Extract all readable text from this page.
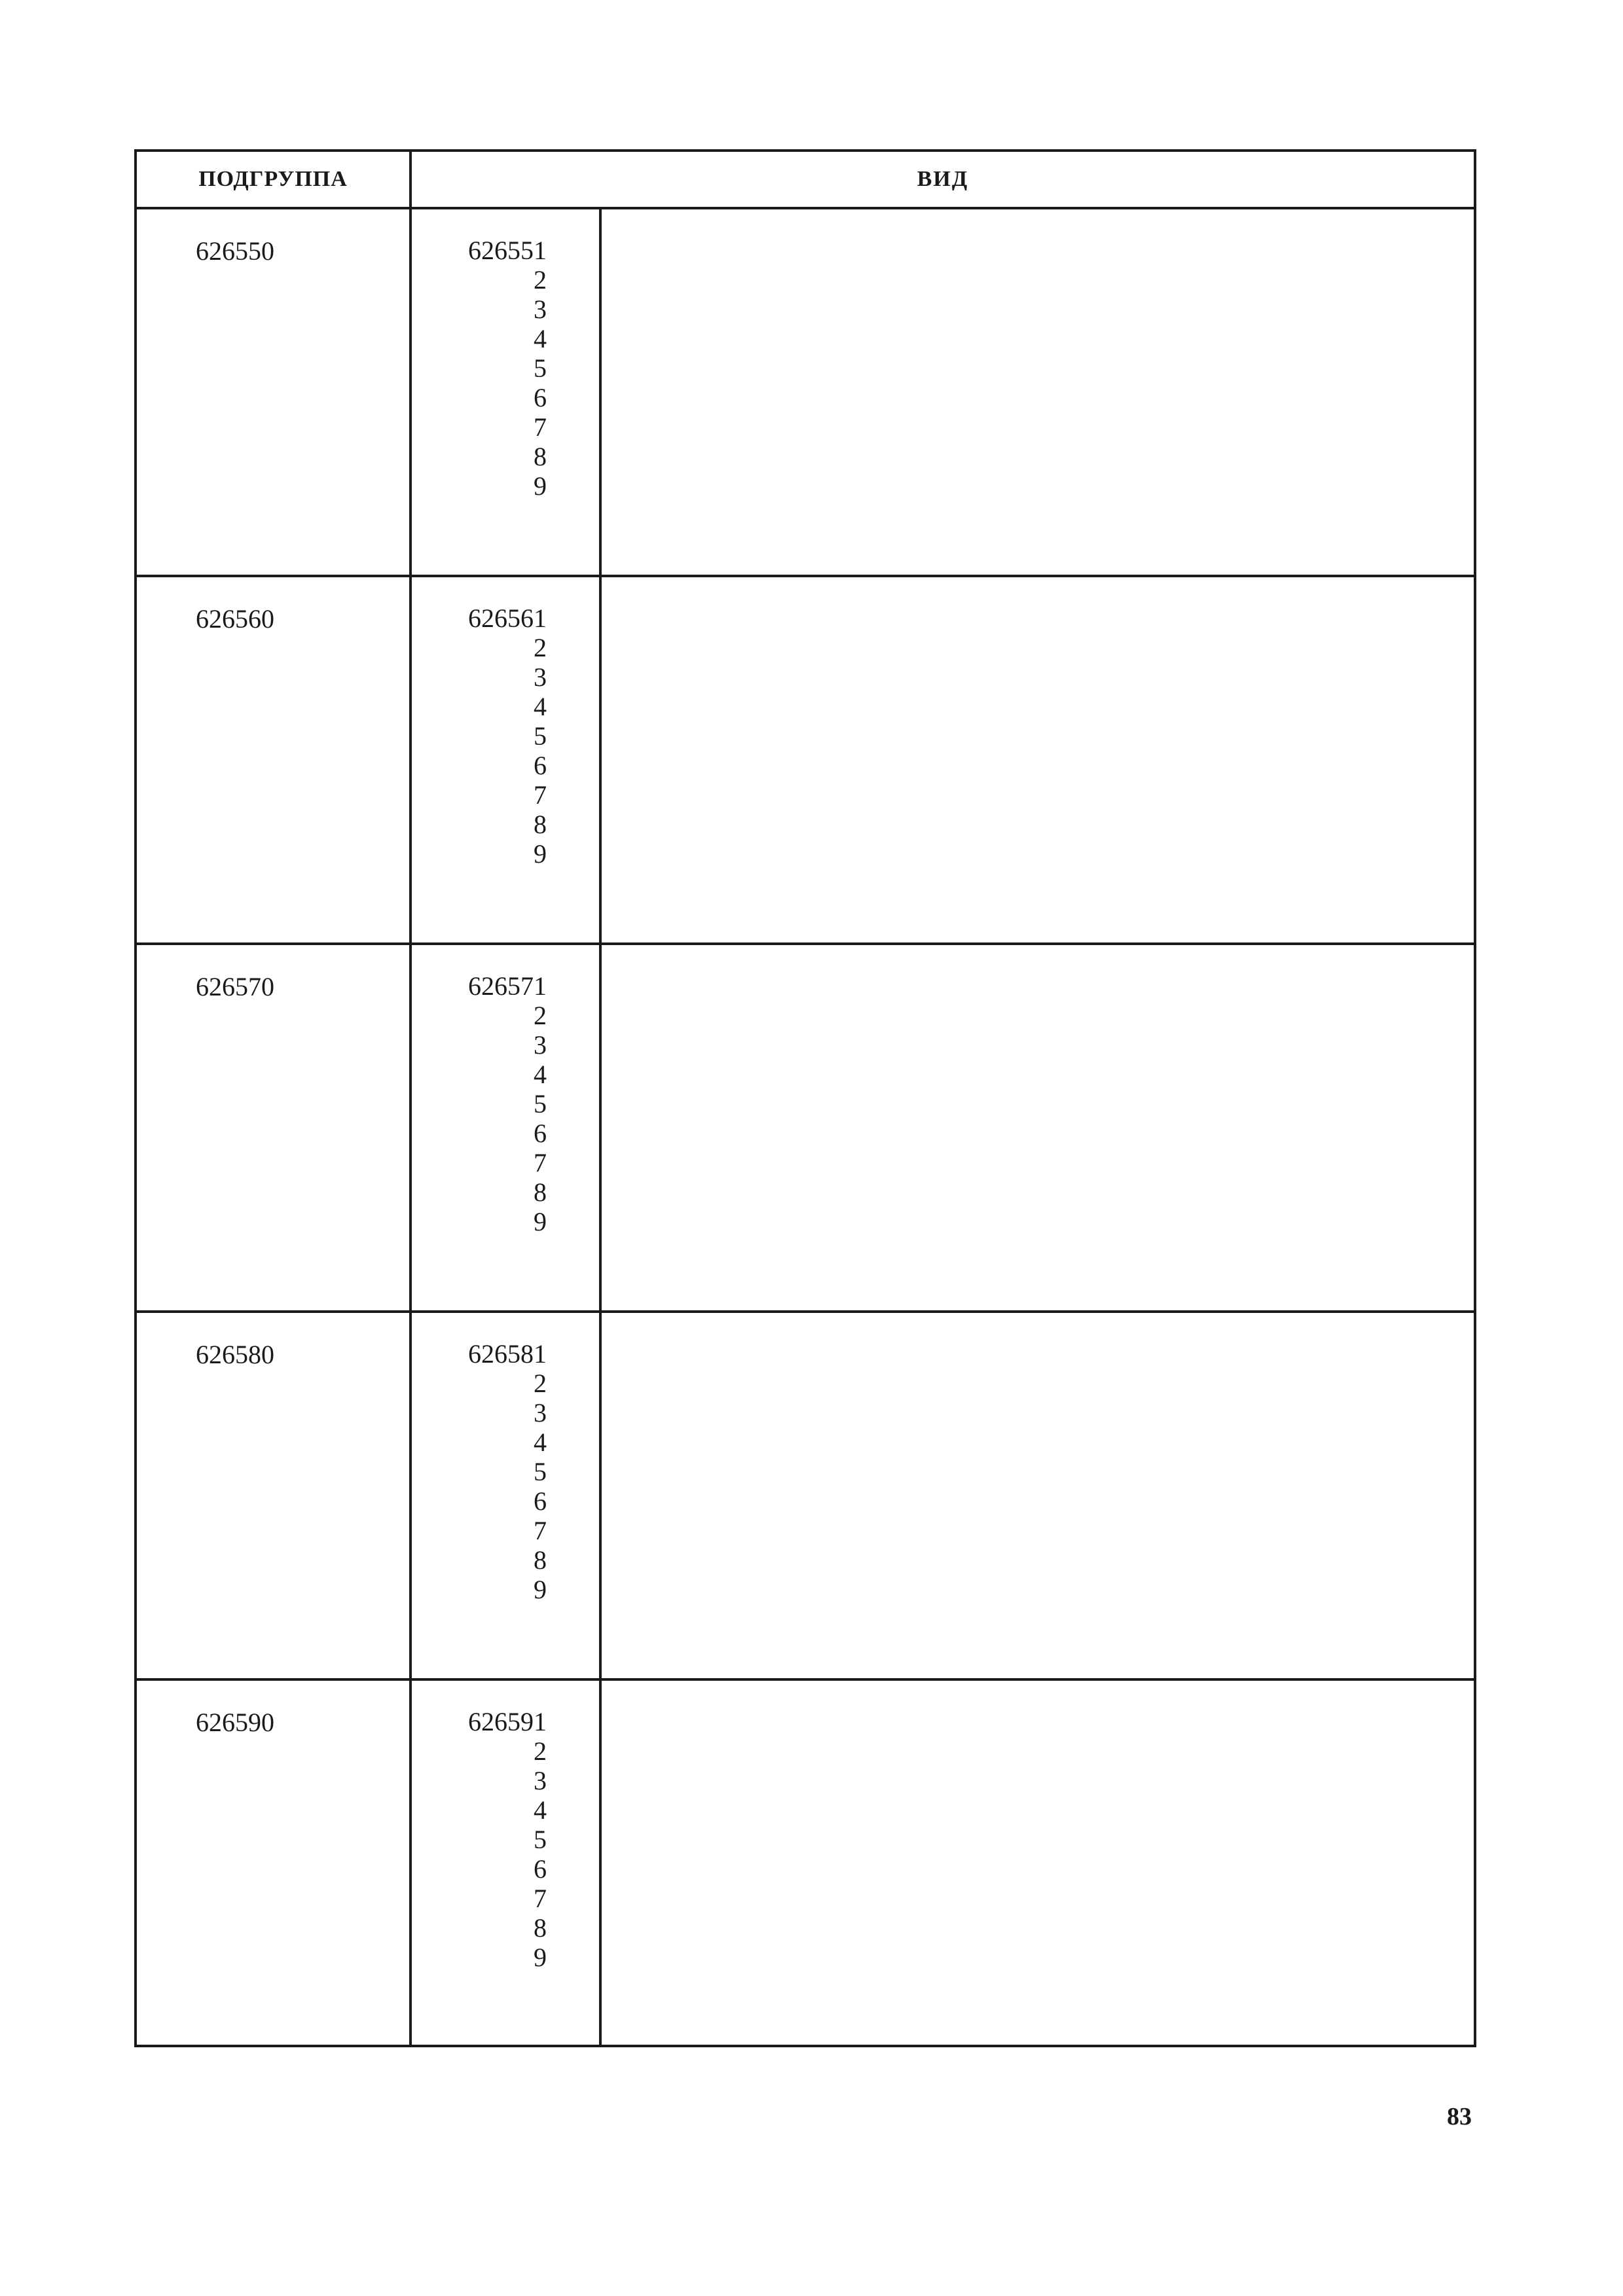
ПОДГРУППА	ВИД
626550	626551
2
3
4
5
6
7
8
9
626560	626561
2
3
4
5
6
7
8
9
626570	626571
2
3
4
5
6
7
8
9
626580	626581
2
3
4
5
6
7
8
9
626590	626591
2
3
4
5
6
7
8
9
83
